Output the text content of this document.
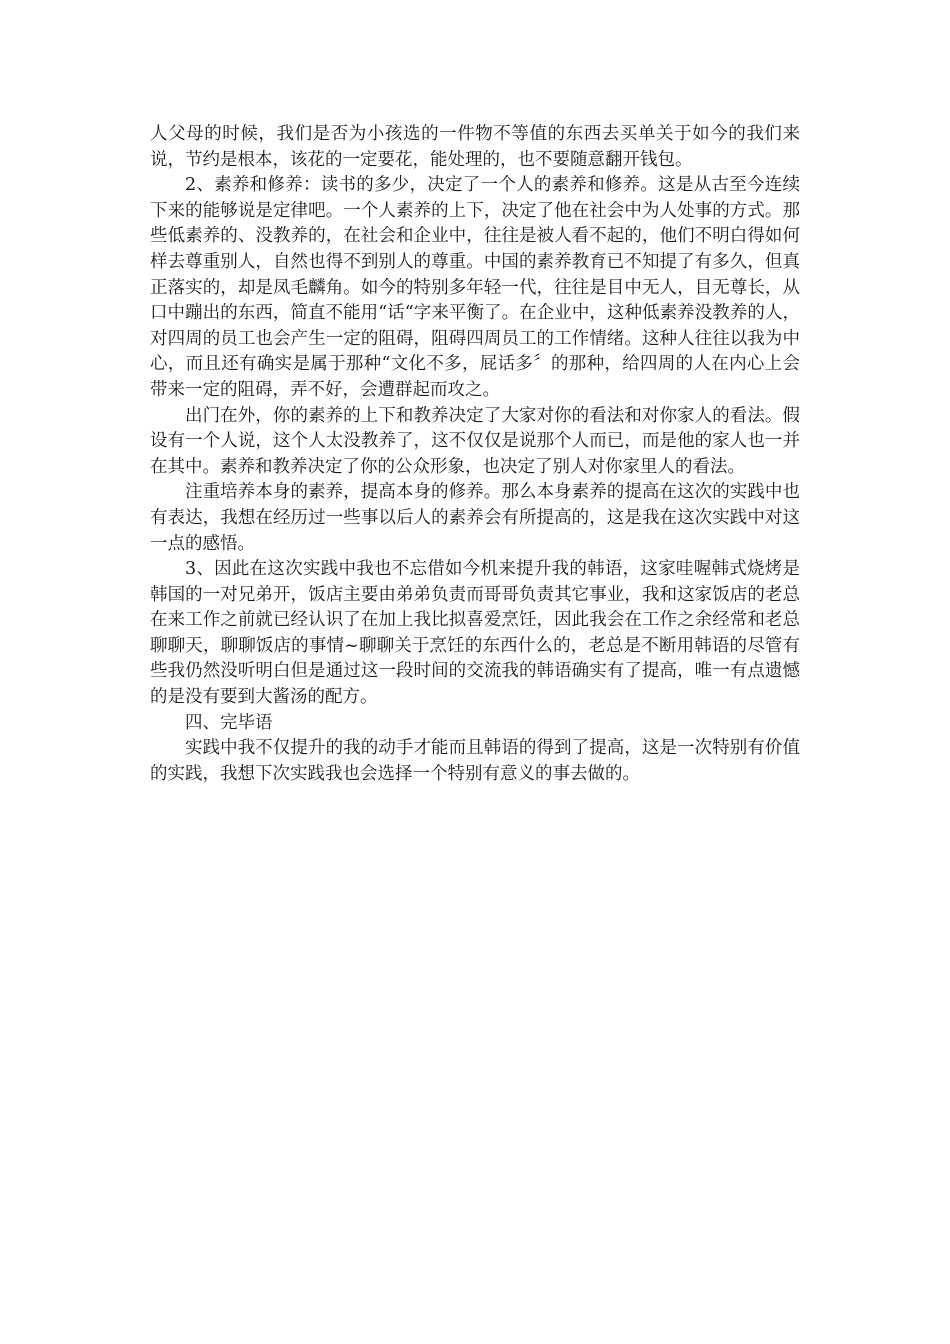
人父母的时候，我们是否为小孩选的一件物不等值的东西去买单关于如今的我们来说，节约是根本，该花的一定要花，能处理的，也不要随意翻开钱包。

2、素养和修养：读书的多少，决定了一个人的素养和修养。这是从古至今连续下来的能够说是定律吧。一个人素养的上下，决定了他在社会中为人处事的方式。那些低素养的、没教养的，在社会和企业中，往往是被人看不起的，他们不明白得如何样去尊重别人，自然也得不到别人的尊重。中国的素养教育已不知提了有多久，但真正落实的，却是凤毛麟角。如今的特别多年轻一代，往往是目中无人，目无尊长，从口中蹦出的东西，简直不能用“话“字来平衡了。在企业中，这种低素养没教养的人，对四周的员工也会产生一定的阻碍，阻碍四周员工的工作情绪。这种人往往以我为中心，而且还有确实是属于那种“文化不多，屁话多〞的那种，给四周的人在内心上会带来一定的阻碍，弄不好，会遭群起而攻之。

出门在外，你的素养的上下和教养决定了大家对你的看法和对你家人的看法。假设有一个人说，这个人太没教养了，这不仅仅是说那个人而已，而是他的家人也一并在其中。素养和教养决定了你的公众形象，也决定了别人对你家里人的看法。

注重培养本身的素养，提高本身的修养。那么本身素养的提高在这次的实践中也有表达，我想在经历过一些事以后人的素养会有所提高的，这是我在这次实践中对这一点的感悟。

3、因此在这次实践中我也不忘借如今机来提升我的韩语，这家哇喔韩式烧烤是韩国的一对兄弟开，饭店主要由弟弟负责而哥哥负责其它事业，我和这家饭店的老总在来工作之前就已经认识了在加上我比拟喜爱烹饪，因此我会在工作之余经常和老总聊聊天，聊聊饭店的事情~聊聊关于烹饪的东西什么的，老总是不断用韩语的尽管有些我仍然没听明白但是通过这一段时间的交流我的韩语确实有了提高，唯一有点遗憾的是没有要到大酱汤的配方。

四、完毕语

实践中我不仅提升的我的动手才能而且韩语的得到了提高，这是一次特别有价值的实践，我想下次实践我也会选择一个特别有意义的事去做的。
